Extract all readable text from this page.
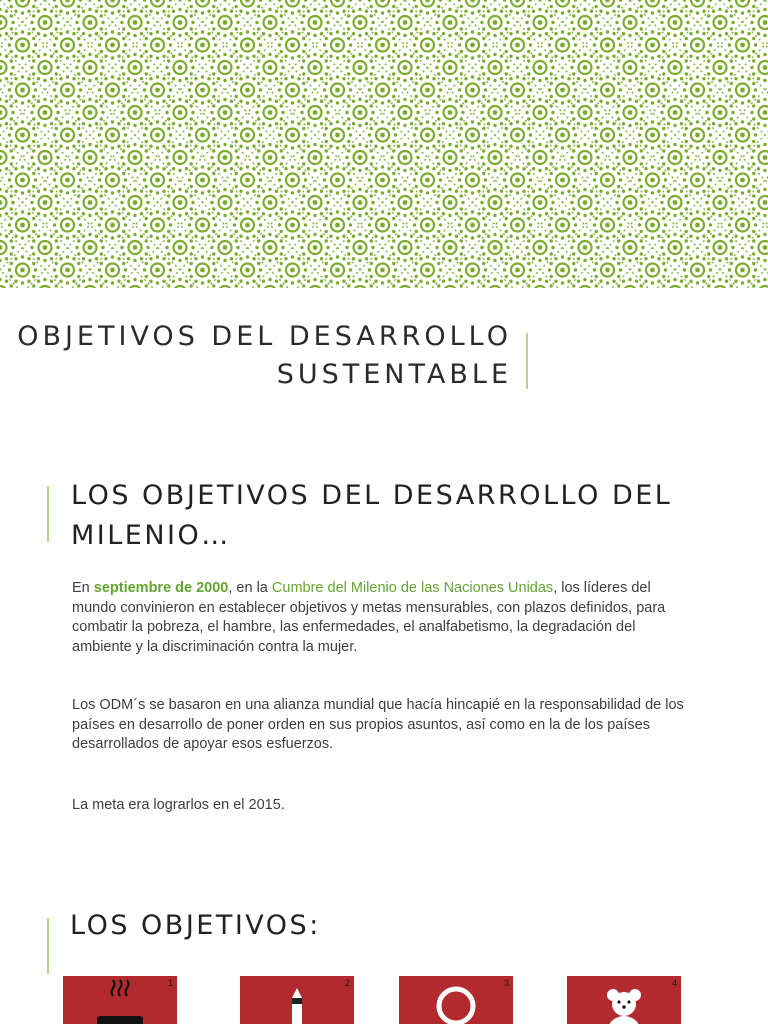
OBJETIVOS DEL DESARROLLO

SUSTENTABLE

LOS OBJETIVOS DEL DESARROLLO DEL

MILENIO…

En septiembre de 2000, en la Cumbre del Milenio de las Naciones Unidas, los líderes del mundo convinieron en establecer objetivos y metas mensurables, con plazos definidos, para combatir la pobreza, el hambre, las enfermedades, el analfabetismo, la degradación del ambiente y la discriminación contra la mujer.

Los ODM´s se basaron en una alianza mundial que hacía hincapié en la responsabilidad de los países en desarrollo de poner orden en sus propios asuntos, así como en la de los países desarrollados de apoyar esos esfuerzos.

La meta era lograrlos en el 2015.

LOS OBJETIVOS:

1	2	3	4
